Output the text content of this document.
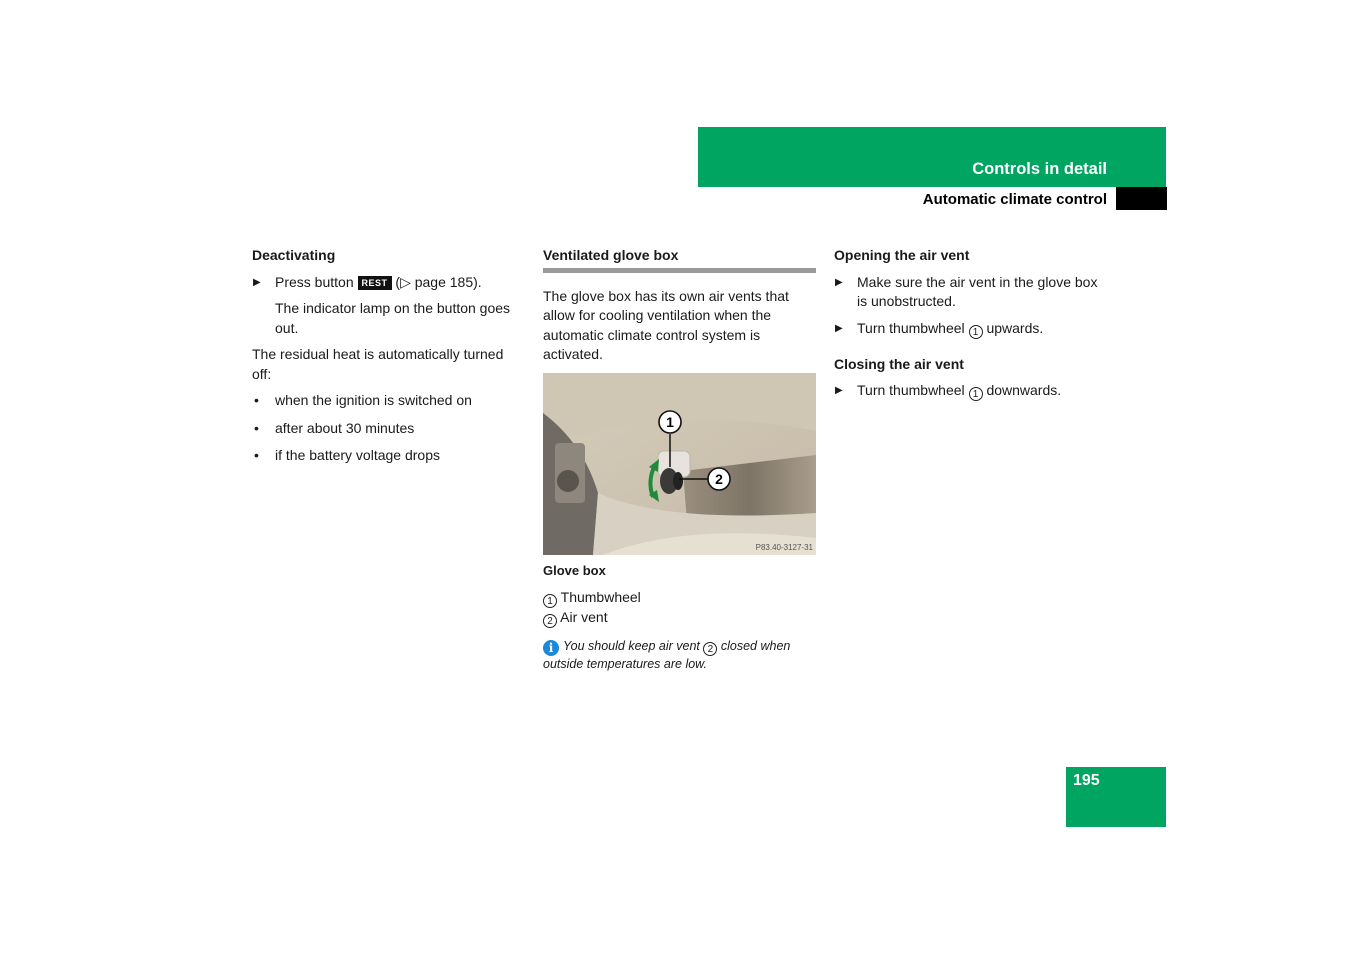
Controls in detail
Automatic climate control
Deactivating
▶ Press button REST (▷ page 185).

The indicator lamp on the button goes out.

The residual heat is automatically turned off:

• when the ignition is switched on
• after about 30 minutes
• if the battery voltage drops
Ventilated glove box

The glove box has its own air vents that allow for cooling ventilation when the automatic climate control system is activated.

1
2
P83.40-3127-31
Glove box
1 Thumbwheel
2 Air vent
i You should keep air vent 2 closed when outside temperatures are low.
Opening the air vent
▶ Make sure the air vent in the glove box is unobstructed.
▶ Turn thumbwheel 1 upwards.
Closing the air vent
▶ Turn thumbwheel 1 downwards.
195
